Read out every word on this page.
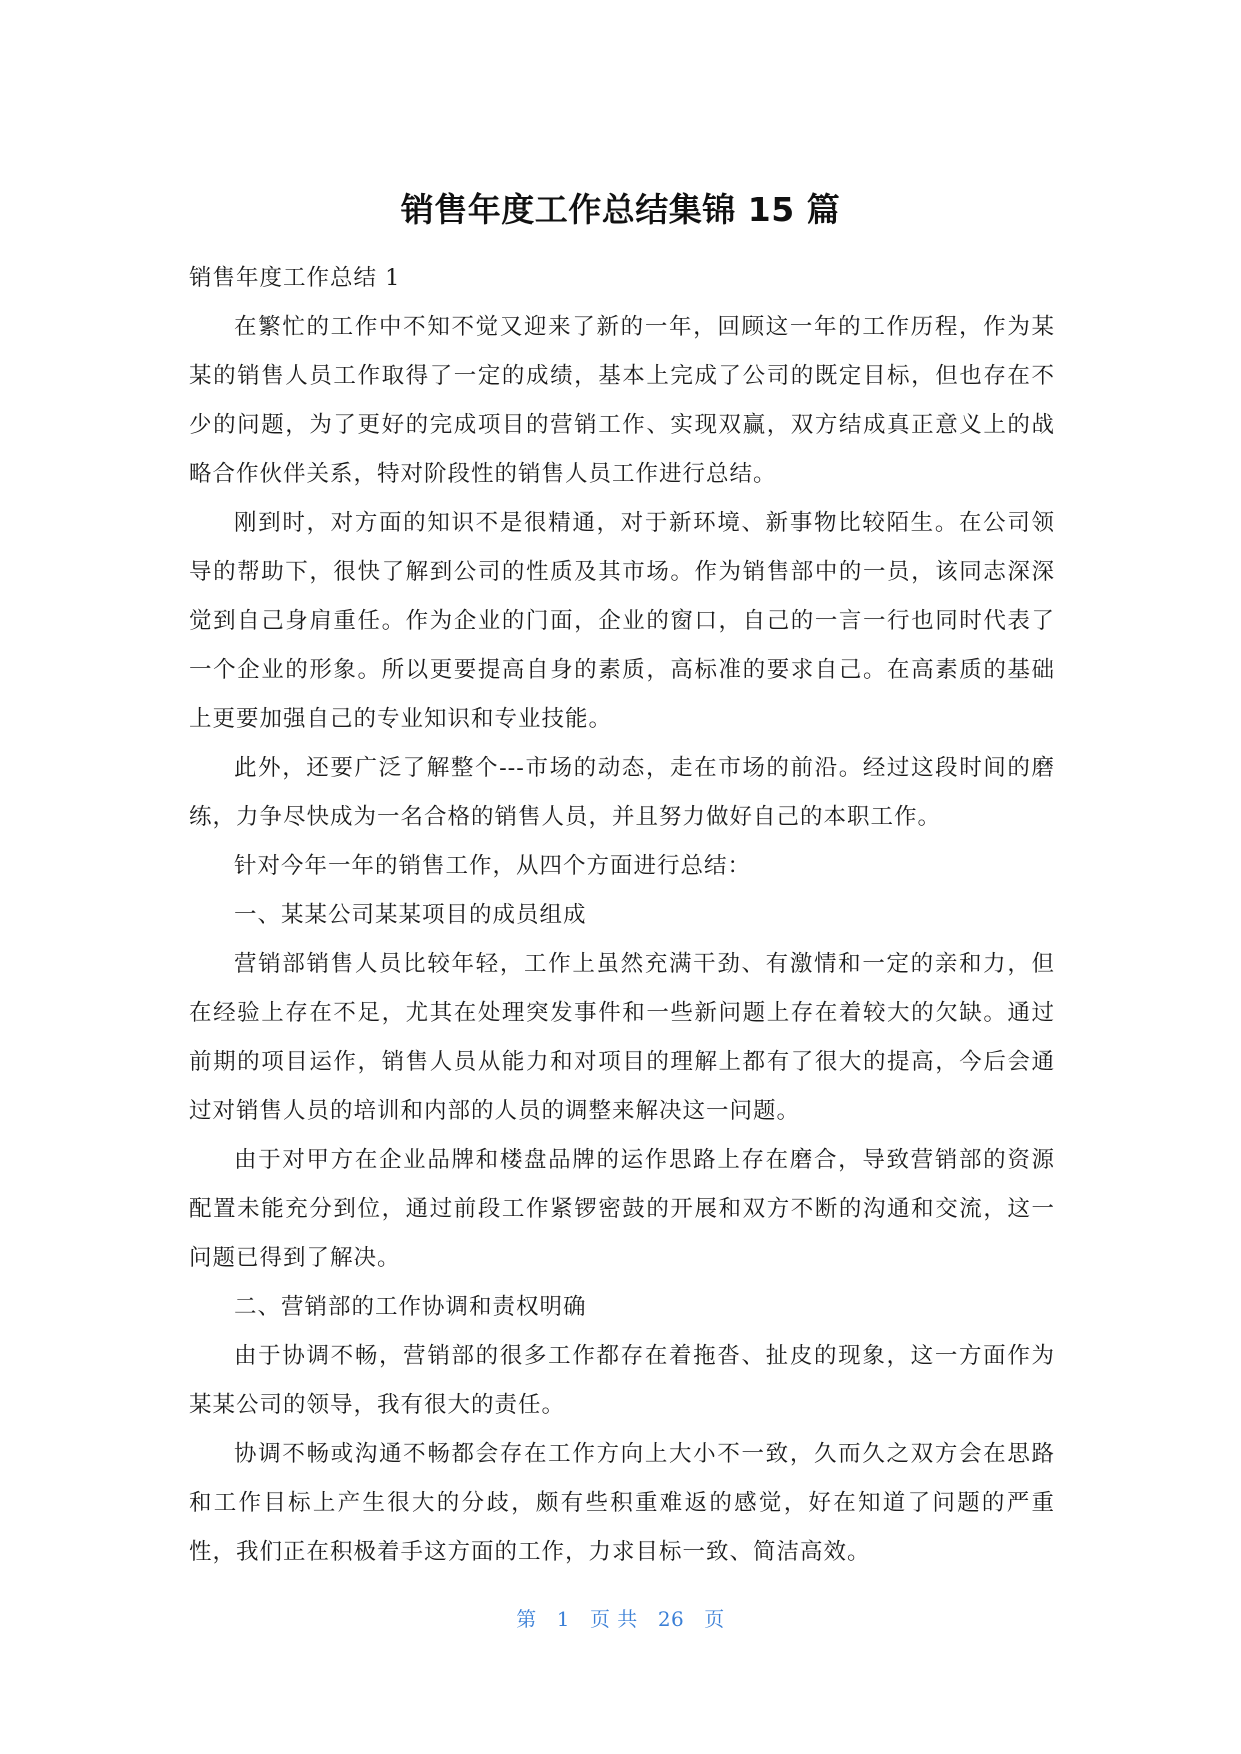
销售年度工作总结集锦 15 篇

销售年度工作总结 1

在繁忙的工作中不知不觉又迎来了新的一年，回顾这一年的工作历程，作为某某的销售人员工作取得了一定的成绩，基本上完成了公司的既定目标，但也存在不少的问题，为了更好的完成项目的营销工作、实现双赢，双方结成真正意义上的战略合作伙伴关系，特对阶段性的销售人员工作进行总结。

刚到时，对方面的知识不是很精通，对于新环境、新事物比较陌生。在公司领导的帮助下，很快了解到公司的性质及其市场。作为销售部中的一员，该同志深深觉到自己身肩重任。作为企业的门面，企业的窗口，自己的一言一行也同时代表了一个企业的形象。所以更要提高自身的素质，高标准的要求自己。在高素质的基础上更要加强自己的专业知识和专业技能。

此外，还要广泛了解整个---市场的动态，走在市场的前沿。经过这段时间的磨练，力争尽快成为一名合格的销售人员，并且努力做好自己的本职工作。

针对今年一年的销售工作，从四个方面进行总结：

一、某某公司某某项目的成员组成

营销部销售人员比较年轻，工作上虽然充满干劲、有激情和一定的亲和力，但在经验上存在不足，尤其在处理突发事件和一些新问题上存在着较大的欠缺。通过前期的项目运作，销售人员从能力和对项目的理解上都有了很大的提高，今后会通过对销售人员的培训和内部的人员的调整来解决这一问题。

由于对甲方在企业品牌和楼盘品牌的运作思路上存在磨合，导致营销部的资源配置未能充分到位，通过前段工作紧锣密鼓的开展和双方不断的沟通和交流，这一问题已得到了解决。

二、营销部的工作协调和责权明确

由于协调不畅，营销部的很多工作都存在着拖沓、扯皮的现象，这一方面作为某某公司的领导，我有很大的责任。

协调不畅或沟通不畅都会存在工作方向上大小不一致，久而久之双方会在思路和工作目标上产生很大的分歧，颇有些积重难返的感觉，好在知道了问题的严重性，我们正在积极着手这方面的工作，力求目标一致、简洁高效。

第 1 页 共 26 页
